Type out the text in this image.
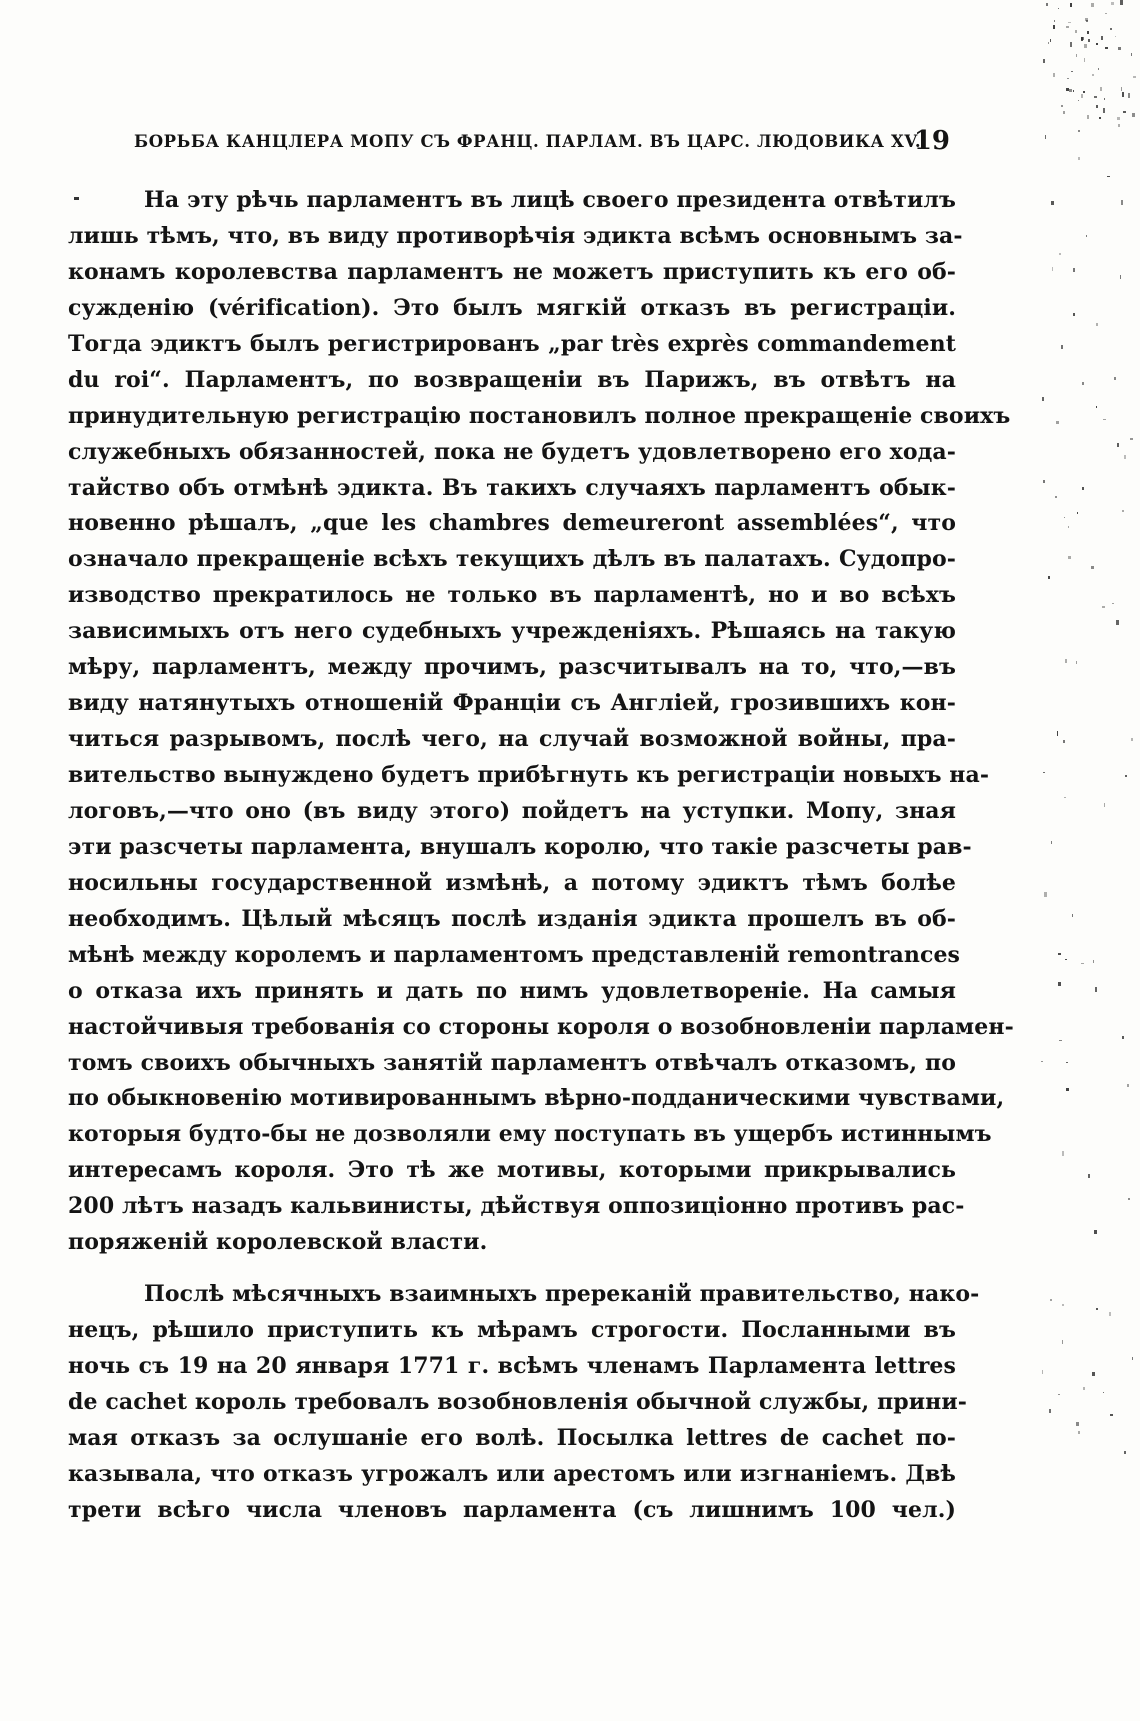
БОРЬБА КАНЦЛЕРА МОПУ СЪ ФРАНЦ. ПАРЛАМ. ВЪ ЦАРС. ЛЮДОВИКА XV.
19
На эту рѣчь парламентъ въ лицѣ своего президента отвѣтилъ
лишь тѣмъ, что, въ виду противорѣчія эдикта всѣмъ основнымъ за-
конамъ королевства парламентъ не можетъ приступить къ его об-
сужденію (vérification). Это былъ мягкій отказъ въ регистраціи.
Тогда эдиктъ былъ регистрированъ „par très exprès commandement
du roi“. Парламентъ, по возвращеніи въ Парижъ, въ отвѣтъ на
принудительную регистрацію постановилъ полное прекращеніе своихъ
служебныхъ обязанностей, пока не будетъ удовлетворено его хода-
тайство объ отмѣнѣ эдикта. Въ такихъ случаяхъ парламентъ обык-
новенно рѣшалъ, „que les chambres demeureront assemblées“, что
означало прекращеніе всѣхъ текущихъ дѣлъ въ палатахъ. Судопро-
изводство прекратилось не только въ парламентѣ, но и во всѣхъ
зависимыхъ отъ него судебныхъ учрежденіяхъ. Рѣшаясь на такую
мѣру, парламентъ, между прочимъ, разсчитывалъ на то, что,—въ
виду натянутыхъ отношеній Франціи съ Англіей, грозившихъ кон-
читься разрывомъ, послѣ чего, на случай возможной войны, пра-
вительство вынуждено будетъ прибѣгнуть къ регистраціи новыхъ на-
логовъ,—что оно (въ виду этого) пойдетъ на уступки. Мопу, зная
эти разсчеты парламента, внушалъ королю, что такіе разсчеты рав-
носильны государственной измѣнѣ, а потому эдиктъ тѣмъ болѣе
необходимъ. Цѣлый мѣсяцъ послѣ изданія эдикта прошелъ въ об-
мѣнѣ между королемъ и парламентомъ представленій remontrances
о отказа ихъ принять и дать по нимъ удовлетвореніе. На самыя
настойчивыя требованія со стороны короля о возобновленіи парламен-
томъ своихъ обычныхъ занятій парламентъ отвѣчалъ отказомъ, по
по обыкновенію мотивированнымъ вѣрно-подданическими чувствами,
которыя будто-бы не дозволяли ему поступать въ ущербъ истиннымъ
интересамъ короля. Это тѣ же мотивы, которыми прикрывались
200 лѣтъ назадъ кальвинисты, дѣйствуя оппозиціонно противъ рас-
поряженій королевской власти.
Послѣ мѣсячныхъ взаимныхъ пререканій правительство, нако-
нецъ, рѣшило приступить къ мѣрамъ строгости. Посланными въ
ночь съ 19 на 20 января 1771 г. всѣмъ членамъ Парламента lettres
de cachet король требовалъ возобновленія обычной службы, прини-
мая отказъ за ослушаніе его волѣ. Посылка lettres de cachet по-
казывала, что отказъ угрожалъ или арестомъ или изгнаніемъ. Двѣ
трети всѣго числа членовъ парламента (съ лишнимъ 100 чел.)
